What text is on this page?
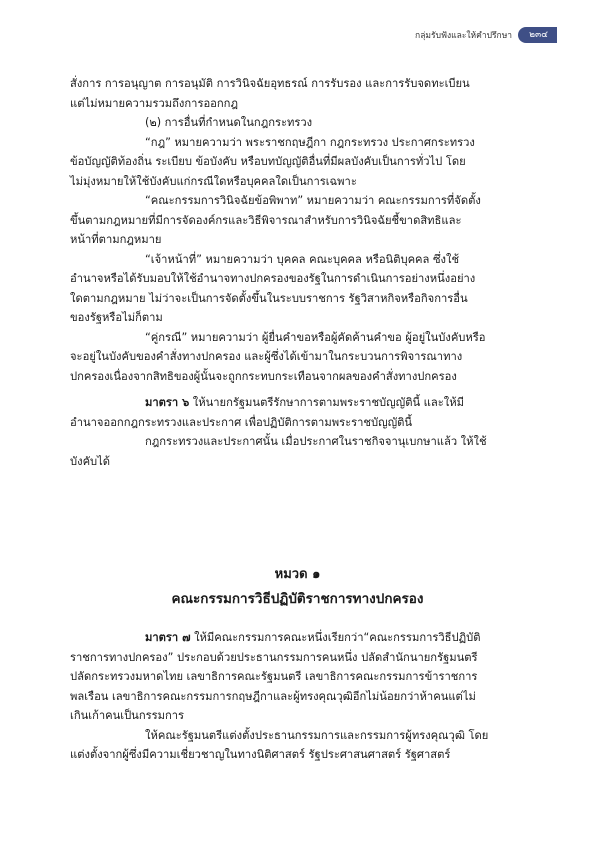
กลุ่มรับฟังและให้คำปรึกษา	๒๓๔

สั่งการ การอนุญาต การอนุมัติ การวินิจฉัยอุทธรณ์ การรับรอง และการรับจดทะเบียน

แต่ไม่หมายความรวมถึงการออกกฎ

(๒) การอื่นที่กำหนดในกฎกระทรวง

“กฎ” หมายความว่า พระราชกฤษฎีกา กฎกระทรวง ประกาศกระทรวง

ข้อบัญญัติท้องถิ่น ระเบียบ ข้อบังคับ หรือบทบัญญัติอื่นที่มีผลบังคับเป็นการทั่วไป โดย

ไม่มุ่งหมายให้ใช้บังคับแก่กรณีใดหรือบุคคลใดเป็นการเฉพาะ

“คณะกรรมการวินิจฉัยข้อพิพาท” หมายความว่า คณะกรรมการที่จัดตั้ง

ขึ้นตามกฎหมายที่มีการจัดองค์กรและวิธีพิจารณาสำหรับการวินิจฉัยชี้ขาดสิทธิและ

หน้าที่ตามกฎหมาย

“เจ้าหน้าที่” หมายความว่า บุคคล คณะบุคคล หรือนิติบุคคล ซึ่งใช้

อำนาจหรือได้รับมอบให้ใช้อำนาจทางปกครองของรัฐในการดำเนินการอย่างหนึ่งอย่าง

ใดตามกฎหมาย ไม่ว่าจะเป็นการจัดตั้งขึ้นในระบบราชการ รัฐวิสาหกิจหรือกิจการอื่น

ของรัฐหรือไม่ก็ตาม

“คู่กรณี” หมายความว่า ผู้ยื่นคำขอหรือผู้คัดค้านคำขอ ผู้อยู่ในบังคับหรือ

จะอยู่ในบังคับของคำสั่งทางปกครอง และผู้ซึ่งได้เข้ามาในกระบวนการพิจารณาทาง

ปกครองเนื่องจากสิทธิของผู้นั้นจะถูกกระทบกระเทือนจากผลของคำสั่งทางปกครอง

มาตรา ๖ ให้นายกรัฐมนตรีรักษาการตามพระราชบัญญัตินี้ และให้มี

อำนาจออกกฎกระทรวงและประกาศ เพื่อปฏิบัติการตามพระราชบัญญัตินี้

กฎกระทรวงและประกาศนั้น เมื่อประกาศในราชกิจจานุเบกษาแล้ว ให้ใช้

บังคับได้

หมวด ๑
คณะกรรมการวิธีปฏิบัติราชการทางปกครอง

มาตรา ๗ ให้มีคณะกรรมการคณะหนึ่งเรียกว่า“คณะกรรมการวิธีปฏิบัติ

ราชการทางปกครอง” ประกอบด้วยประธานกรรมการคนหนึ่ง ปลัดสำนักนายกรัฐมนตรี

ปลัดกระทรวงมหาดไทย เลขาธิการคณะรัฐมนตรี เลขาธิการคณะกรรมการข้าราชการ

พลเรือน เลขาธิการคณะกรรมการกฤษฎีกาและผู้ทรงคุณวุฒิอีกไม่น้อยกว่าห้าคนแต่ไม่

เกินเก้าคนเป็นกรรมการ

ให้คณะรัฐมนตรีแต่งตั้งประธานกรรมการและกรรมการผู้ทรงคุณวุฒิ โดย

แต่งตั้งจากผู้ซึ่งมีความเชี่ยวชาญในทางนิติศาสตร์ รัฐประศาสนศาสตร์ รัฐศาสตร์
